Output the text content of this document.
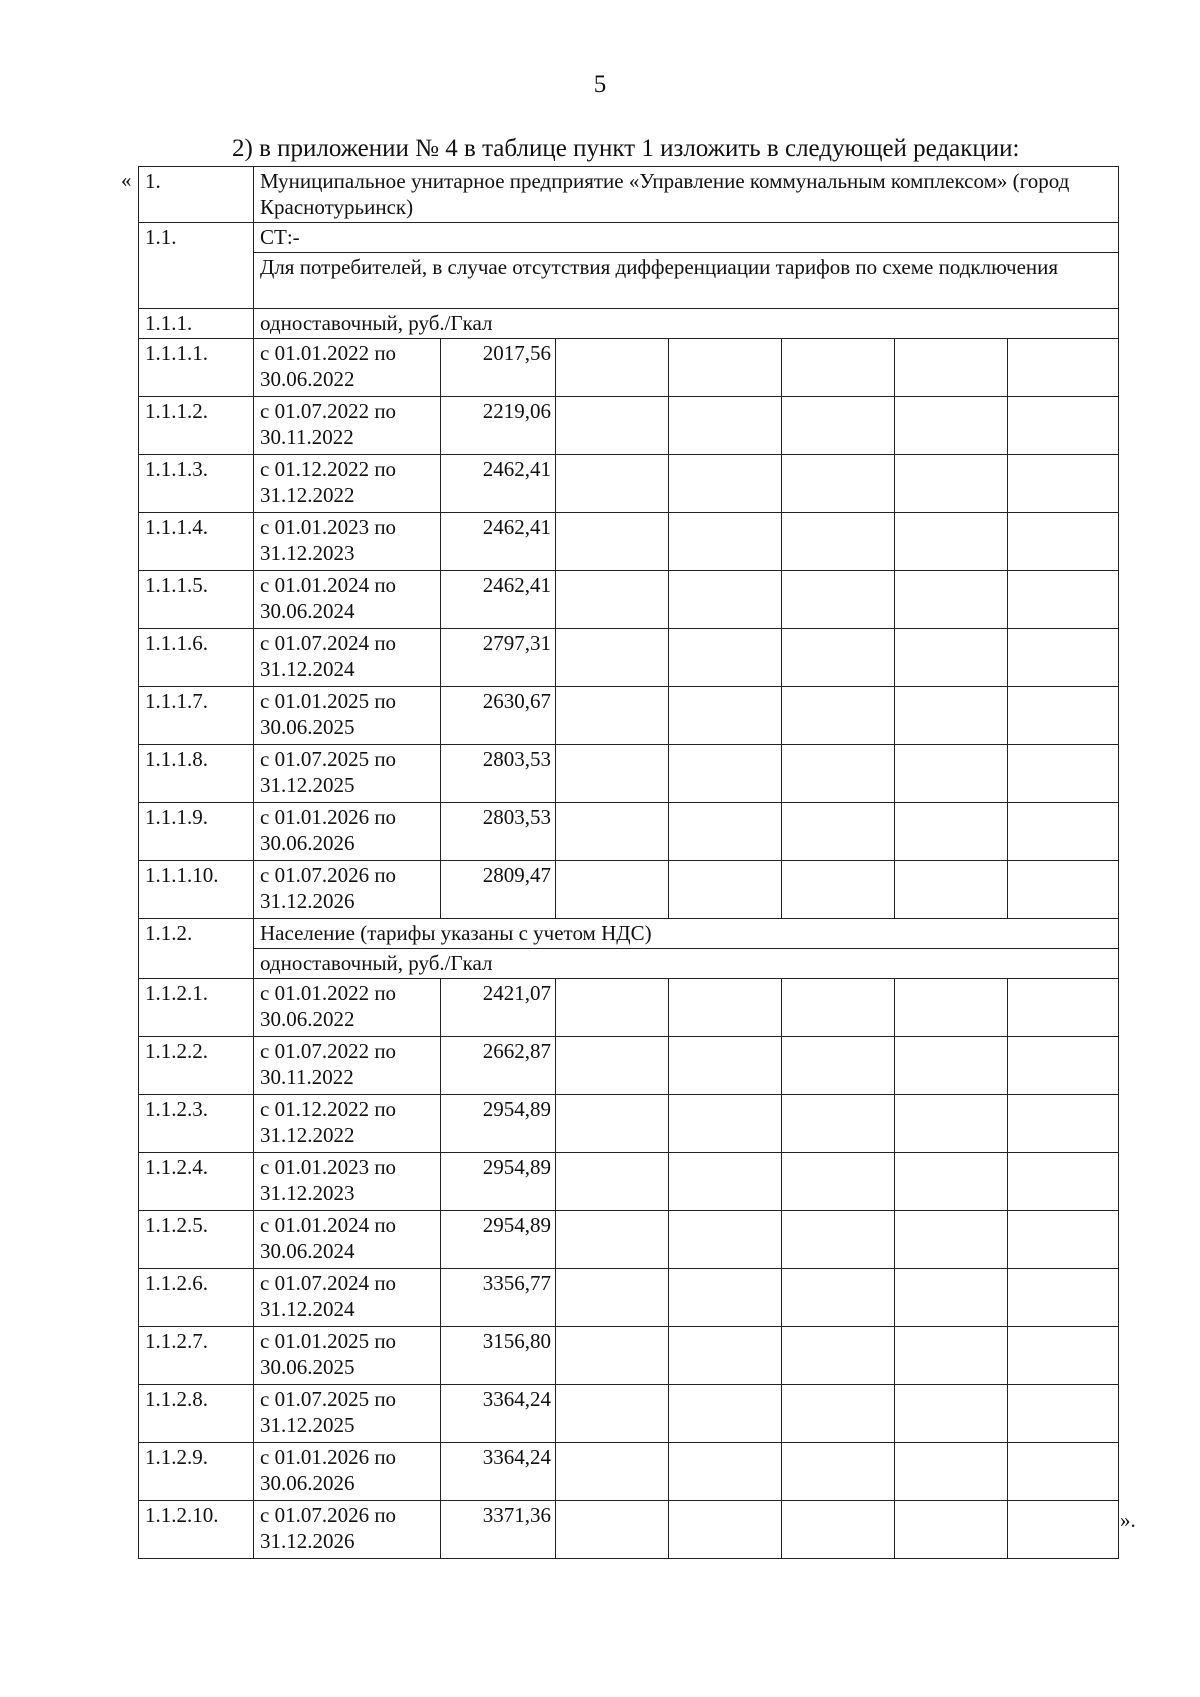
5
2) в приложении № 4 в таблице пункт 1 изложить в следующей редакции:
« 1.	Муниципальное унитарное предприятие «Управление коммунальным комплексом» (город Краснотурьинск)						
1.1.	СТ:-						
	Для потребителей, в случае отсутствия дифференциации тарифов по схеме подключения						
1.1.1.	одноставочный, руб./Гкал						
1.1.1.1.	с 01.01.2022 по 30.06.2022	2017,56					
1.1.1.2.	с 01.07.2022 по 30.11.2022	2219,06					
1.1.1.3.	с 01.12.2022 по 31.12.2022	2462,41					
1.1.1.4.	с 01.01.2023 по 31.12.2023	2462,41					
1.1.1.5.	с 01.01.2024 по 30.06.2024	2462,41					
1.1.1.6.	с 01.07.2024 по 31.12.2024	2797,31					
1.1.1.7.	с 01.01.2025 по 30.06.2025	2630,67					
1.1.1.8.	с 01.07.2025 по 31.12.2025	2803,53					
1.1.1.9.	с 01.01.2026 по 30.06.2026	2803,53					
1.1.1.10.	с 01.07.2026 по 31.12.2026	2809,47					
1.1.2.	Население (тарифы указаны с учетом НДС)						
	одноставочный, руб./Гкал						
1.1.2.1.	с 01.01.2022 по 30.06.2022	2421,07					
1.1.2.2.	с 01.07.2022 по 30.11.2022	2662,87					
1.1.2.3.	с 01.12.2022 по 31.12.2022	2954,89					
1.1.2.4.	с 01.01.2023 по 31.12.2023	2954,89					
1.1.2.5.	с 01.01.2024 по 30.06.2024	2954,89					
1.1.2.6.	с 01.07.2024 по 31.12.2024	3356,77					
1.1.2.7.	с 01.01.2025 по 30.06.2025	3156,80					
1.1.2.8.	с 01.07.2025 по 31.12.2025	3364,24					
1.1.2.9.	с 01.01.2026 по 30.06.2026	3364,24					
1.1.2.10.	с 01.07.2026 по 31.12.2026	3371,36						».
